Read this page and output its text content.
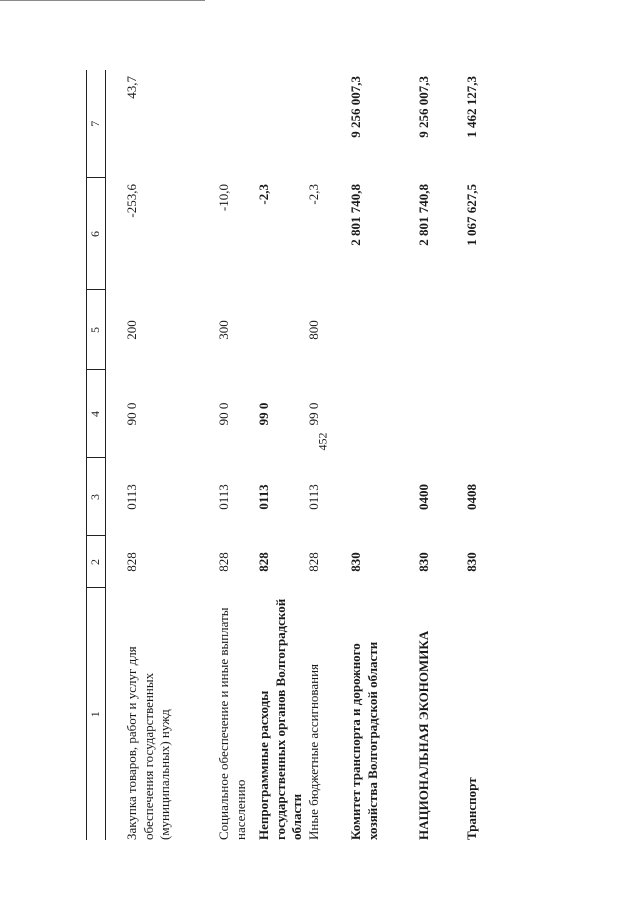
452
1	2	3	4	5	6	7

Закупка товаров, работ и услуг для обеспечения государственных (муниципальных) нужд	828	0113	90 0	200	-253,6	43,7
Социальное обеспечение и иные выплаты населению	828	0113	90 0	300	-10,0	
Непрограммные расходы государственных органов Волгоградской области	828	0113	99 0		-2,3	
Иные бюджетные ассигнования	828	0113	99 0	800	-2,3	
Комитет транспорта и дорожного хозяйства Волгоградской области	830				2 801 740,8	9 256 007,3
НАЦИОНАЛЬНАЯ ЭКОНОМИКА	830	0400			2 801 740,8	9 256 007,3
Транспорт	830	0408			1 067 627,5	1 462 127,3
